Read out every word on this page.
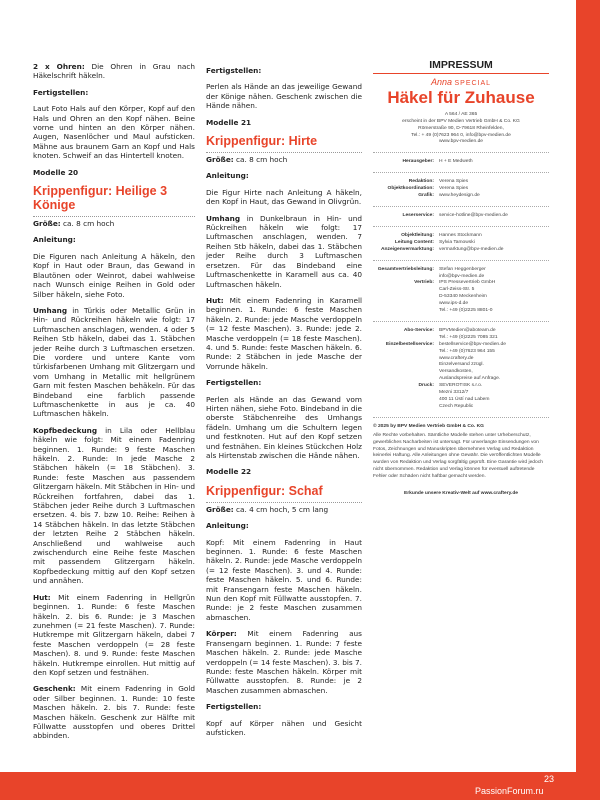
2 x Ohren: Die Ohren in Grau nach Häkelschrift häkeln.

Fertigstellen:

Laut Foto Hals auf den Körper, Kopf auf den Hals und Ohren an den Kopf nähen. Beine vorne und hinten an den Körper nähen. Augen, Nasenlöcher und Maul aufsticken. Mähne aus braunem Garn an Kopf und Hals knoten. Schweif an das Hintertell knoten.

Modelle 20

Krippenfigur: Heilige 3 Könige

Größe: ca. 8 cm hoch

Anleitung:

Die Figuren nach Anleitung A häkeln, den Kopf in Haut oder Braun, das Gewand in Blautönen oder Weinrot, dabei wahlweise nach Wunsch einige Reihen in Gold oder Silber häkeln, siehe Foto.

Umhang in Türkis oder Metallic Grün in Hin- und Rückreihen häkeln wie folgt: 17 Luftmaschen anschlagen, wenden. 4 oder 5 Reihen Stb häkeln, dabei das 1. Stäbchen jeder Reihe durch 3 Luftmaschen ersetzen. Die vordere und untere Kante vom türkisfarbenen Umhang mit Glitzergarn und vom Umhang in Metallic mit hellgrünem Garn mit festen Maschen behäkeln. Für das Bindeband eine farblich passende Luftmaschenkette in aus je ca. 40 Luftmaschen häkeln.

Kopfbedeckung in Lila oder Hellblau häkeln wie folgt: Mit einem Fadenring beginnen. 1. Runde: 9 feste Maschen häkeln. 2. Runde: In jede Masche 2 Stäbchen häkeln (= 18 Stäbchen). 3. Runde: feste Maschen aus passendem Glitzergarn häkeln. Mit Stäbchen in Hin- und Rückreihen fortfahren, dabei das 1. Stäbchen jeder Reihe durch 3 Luftmaschen ersetzen. 4. bis 7. bzw 10. Reihe: Reihen à 14 Stäbchen häkeln. In das letzte Stäbchen der letzten Reihe 2 Stäbchen häkeln. Anschließend und wahlweise auch zwischendurch eine Reihe feste Maschen mit passendem Glitzergarn häkeln. Kopfbedeckung mittig auf den Kopf setzen und annähen.

Hut: Mit einem Fadenring in Hellgrün beginnen. 1. Runde: 6 feste Maschen häkeln. 2. bis 6. Runde: je 3 Maschen zunehmen (= 21 feste Maschen). 7. Runde: Hutkrempe mit Glitzergarn häkeln, dabei 7 feste Maschen verdoppeln (= 28 feste Maschen). 8. und 9. Runde: feste Maschen häkeln. Hutkrempe einrollen. Hut mittig auf den Kopf setzen und festnähen.

Geschenk: Mit einem Fadenring in Gold oder Silber beginnen. 1. Runde: 10 feste Maschen häkeln. 2. bis 7. Runde: feste Maschen häkeln. Geschenk zur Hälfte mit Füllwatte ausstopfen und oberes Drittel abbinden.

Fertigstellen:

Perlen als Hände an das jeweilige Gewand der Könige nähen. Geschenk zwischen die Hände nähen.

Modelle 21

Krippenfigur: Hirte

Größe: ca. 8 cm hoch

Anleitung:

Die Figur Hirte nach Anleitung A häkeln, den Kopf in Haut, das Gewand in Olivgrün.

Umhang in Dunkelbraun in Hin- und Rückreihen häkeln wie folgt: 17 Luftmaschen anschlagen, wenden. 7 Reihen Stb häkeln, dabei das 1. Stäbchen jeder Reihe durch 3 Luftmaschen ersetzen. Für das Bindeband eine Luftmaschenkette in Karamell aus ca. 40 Luftmaschen häkeln.

Hut: Mit einem Fadenring in Karamell beginnen. 1. Runde: 6 feste Maschen häkeln. 2. Runde: jede Masche verdoppeln (= 12 feste Maschen). 3. Runde: jede 2. Masche verdoppeln (= 18 feste Maschen). 4. und 5. Runde: feste Maschen häkeln. 6. Runde: 2 Stäbchen in jede Masche der Vorrunde häkeln.

Fertigstellen:

Perlen als Hände an das Gewand vom Hirten nähen, siehe Foto. Bindeband in die oberste Stäbchenreihe des Umhangs fädeln. Umhang um die Schultern legen und festknoten. Hut auf den Kopf setzen und festnähen. Ein kleines Stückchen Holz als Hirtenstab zwischen die Hände nähen.

Modelle 22

Krippenfigur: Schaf

Größe: ca. 4 cm hoch, 5 cm lang

Anleitung:

Kopf: Mit einem Fadenring in Haut beginnen. 1. Runde: 6 feste Maschen häkeln. 2. Runde: jede Masche verdoppeln (= 12 feste Maschen). 3. und 4. Runde: feste Maschen häkeln. 5. und 6. Runde: mit Fransengarn feste Maschen häkeln. Nun den Kopf mit Füllwatte ausstopfen. 7. Runde: je 2 feste Maschen zusammen abmaschen.

Körper: Mit einem Fadenring aus Fransengarn beginnen. 1. Runde: 7 feste Maschen häkeln. 2. Runde: jede Masche verdoppeln (= 14 feste Maschen). 3. bis 7. Runde: feste Maschen häkeln. Körper mit Füllwatte ausstopfen. 8. Runde: je 2 Maschen zusammen abmaschen.

Fertigstellen:

Kopf auf Körper nähen und Gesicht aufsticken.

IMPRESSUM
Anna SPECIAL
Häkel für Zuhause
A 564 / AE 365
erscheint in der BPV Medien Vertrieb GmbH & Co. KG
Römerstraße 90, D-79618 Rheinfelden,
Tel.: + 49 (0)7623 964 0, info@bpv-medien.de
www.bpv-medien.de
Herausgeber:	H + E Medweth
Redaktion:	Verena Spies
Objektkoordination:	Verena Spies
Grafik:	www.heydesign.de
Leserservice:	service-hotline@bpv-medien.de
Objektleitung:	Hannes Stockmann
Leitung Content:	Sylvia Tamowski
Anzeigenvermarktung:	vermarktung@bpv-medien.de
Gesamtvertriebsleitung:	Stefan Heggenberger
info@bpv-medien.de
Vertrieb:	IPS Pressevertrieb GmbH
Carl-Zeiss-Str. 5
D-53340 Meckenheim
www.ips-d.de
Tel.: +49 (0)2225 8801-0
Abo-Service:	BPVMedien@aboteam.de
Tel.: +49 (0)2225 7085 321
Einzelbestellservice:	bestellservice@bpv-medien.de
Tel.: +49 (0)7623 964 155
www.craftery.de
Einzelversand zzügl.
Versandkosten,
Auslandspreise auf Anfrage.
Druck:	SEVEROTISK s.r.o.
Mezni 3312/7
400 11 Ústí nad Labem
Czech Republic
© 2025 by BPV Medien Vertrieb GmbH & Co. KG
Alle Rechte vorbehalten. Sämtliche Modelle stehen unter Urheberschutz, gewerbliches Nacharbeiten ist untersagt. Für unverlangte Einsendungen von Fotos, Zeichnungen und Manuskripten übernehmen Verlag und Redaktion keinerlei Haftung. Alle Anleitungen ohne Gewähr. Die veröffentlichten Modelle wurden von Redaktion und Verlag sorgfältig geprüft. Eine Garantie wird jedoch nicht übernommen. Redaktion und Verlag können für eventuell auftretende Fehler oder Schäden nicht haftbar gemacht werden.
Erkunde unsere Kreativ-Welt auf www.craftery.de
23
PassionForum.ru
